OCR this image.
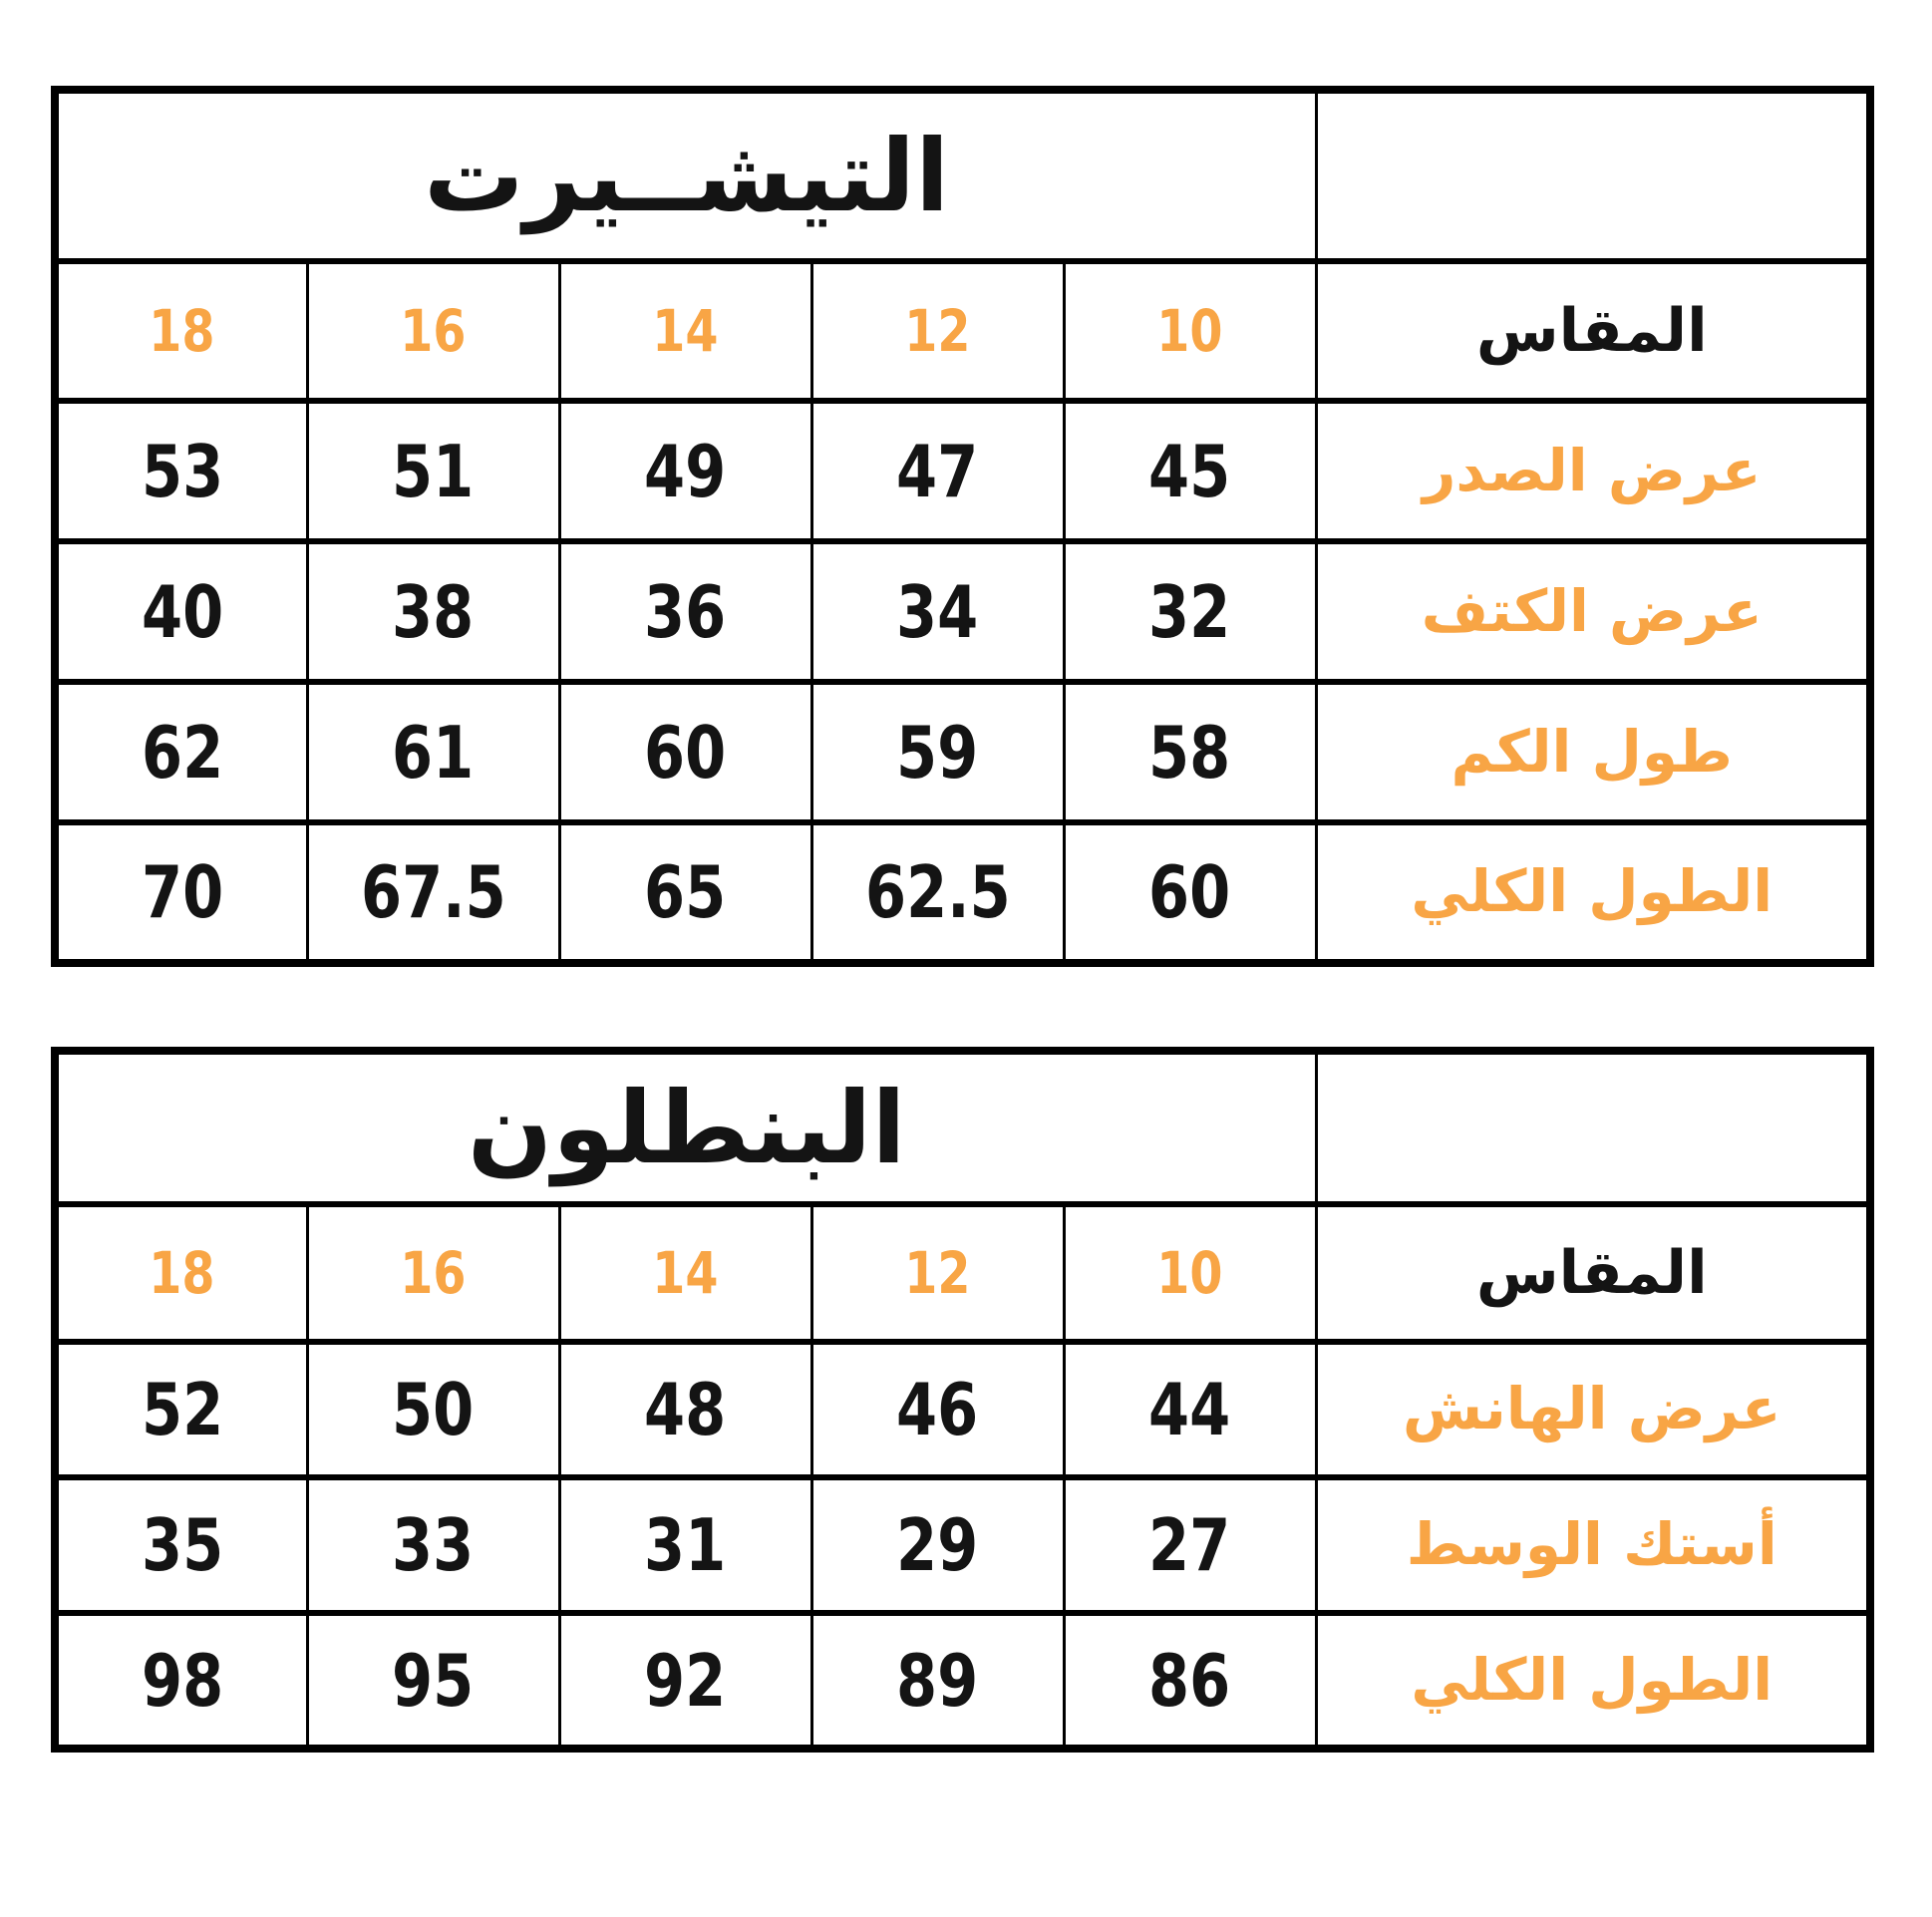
	التيشــيرت				
المقاس	10	12	14	16	18
عرض الصدر	45	47	49	51	53
عرض الكتف	32	34	36	38	40
طول الكم	58	59	60	61	62
الطول الكلي	60	62.5	65	67.5	70
	البنطلون				
المقاس	10	12	14	16	18
عرض الهانش	44	46	48	50	52
أستك الوسط	27	29	31	33	35
الطول الكلي	86	89	92	95	98
